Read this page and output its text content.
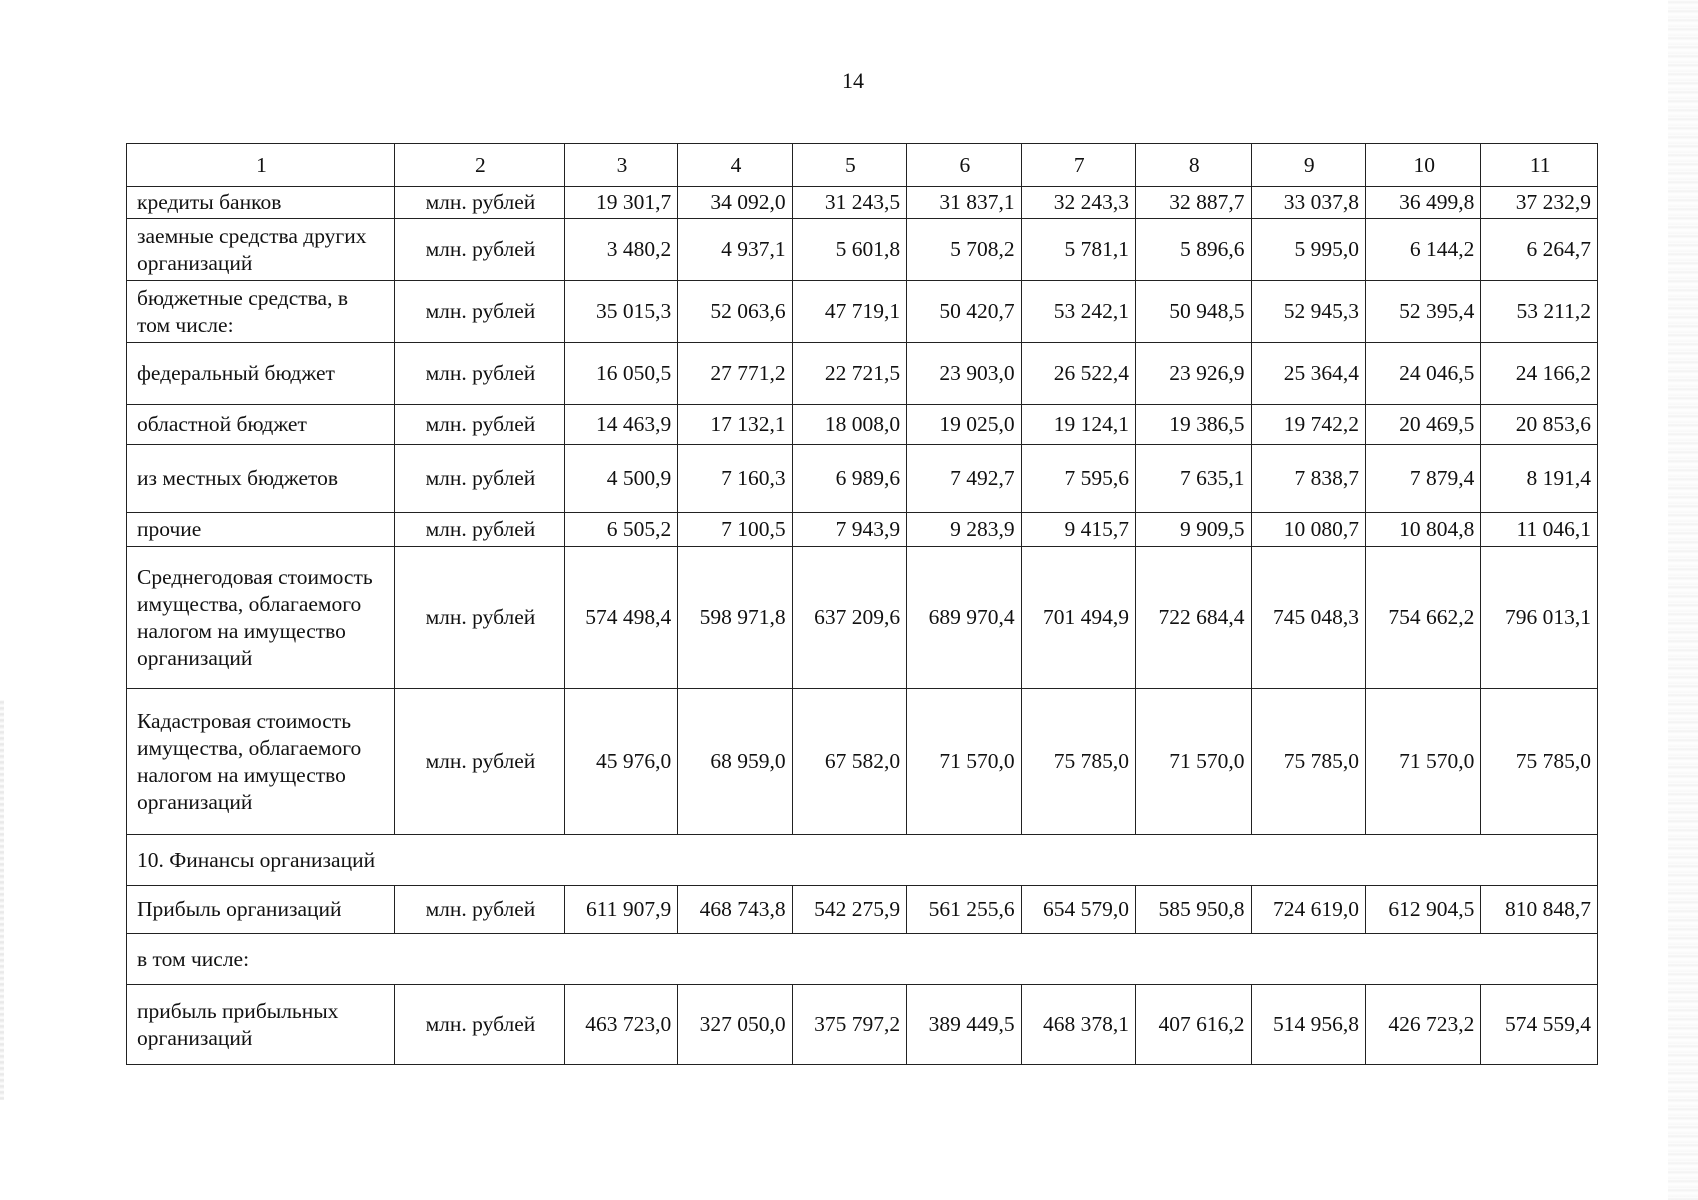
14
1	2	3	4	5	6	7	8	9	10	11
кредиты банков	млн. рублей	19 301,7	34 092,0	31 243,5	31 837,1	32 243,3	32 887,7	33 037,8	36 499,8	37 232,9
заемные средства других организаций	млн. рублей	3 480,2	4 937,1	5 601,8	5 708,2	5 781,1	5 896,6	5 995,0	6 144,2	6 264,7
бюджетные средства, в том числе:	млн. рублей	35 015,3	52 063,6	47 719,1	50 420,7	53 242,1	50 948,5	52 945,3	52 395,4	53 211,2
федеральный бюджет	млн. рублей	16 050,5	27 771,2	22 721,5	23 903,0	26 522,4	23 926,9	25 364,4	24 046,5	24 166,2
областной бюджет	млн. рублей	14 463,9	17 132,1	18 008,0	19 025,0	19 124,1	19 386,5	19 742,2	20 469,5	20 853,6
из местных бюджетов	млн. рублей	4 500,9	7 160,3	6 989,6	7 492,7	7 595,6	7 635,1	7 838,7	7 879,4	8 191,4
прочие	млн. рублей	6 505,2	7 100,5	7 943,9	9 283,9	9 415,7	9 909,5	10 080,7	10 804,8	11 046,1
Среднегодовая стоимость имущества, облагаемого налогом на имущество организаций	млн. рублей	574 498,4	598 971,8	637 209,6	689 970,4	701 494,9	722 684,4	745 048,3	754 662,2	796 013,1
Кадастровая стоимость имущества, облагаемого налогом на имущество организаций	млн. рублей	45 976,0	68 959,0	67 582,0	71 570,0	75 785,0	71 570,0	75 785,0	71 570,0	75 785,0
10. Финансы организаций										
Прибыль организаций	млн. рублей	611 907,9	468 743,8	542 275,9	561 255,6	654 579,0	585 950,8	724 619,0	612 904,5	810 848,7
в том числе:										
прибыль прибыльных организаций	млн. рублей	463 723,0	327 050,0	375 797,2	389 449,5	468 378,1	407 616,2	514 956,8	426 723,2	574 559,4
